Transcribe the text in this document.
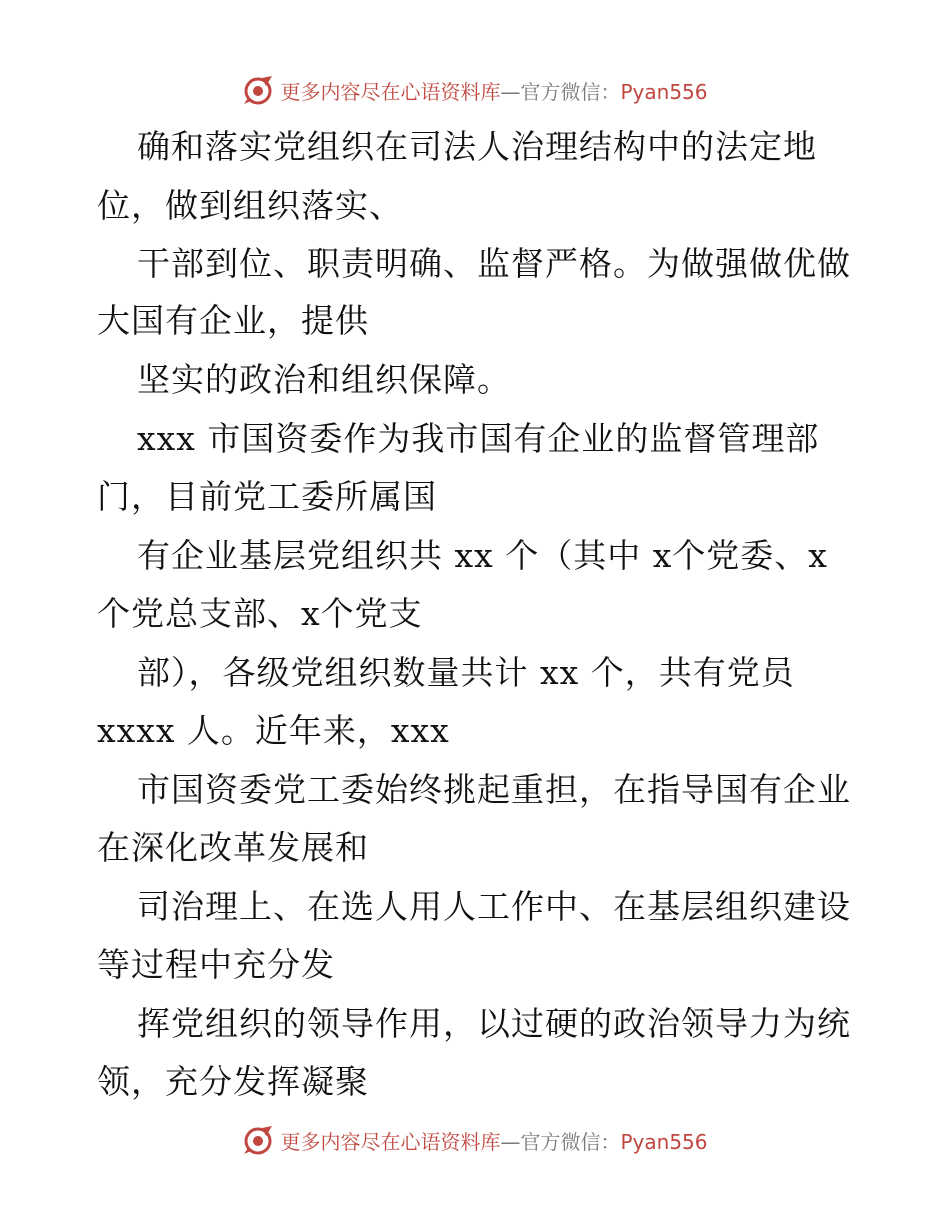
更多内容尽在心语资料库—官方微信：Pyan556
确和落实党组织在司法人治理结构中的法定地
位，做到组织落实、
干部到位、职责明确、监督严格。为做强做优做
大国有企业，提供
坚实的政治和组织保障。
xxx 市国资委作为我市国有企业的监督管理部
门，目前党工委所属国
有企业基层党组织共 xx 个（其中 x个党委、x
个党总支部、x个党支
部），各级党组织数量共计 xx 个，共有党员
xxxx 人。近年来，xxx
市国资委党工委始终挑起重担，在指导国有企业
在深化改革发展和
司治理上、在选人用人工作中、在基层组织建设
等过程中充分发
挥党组织的领导作用，以过硬的政治领导力为统
领，充分发挥凝聚
更多内容尽在心语资料库—官方微信：Pyan556
